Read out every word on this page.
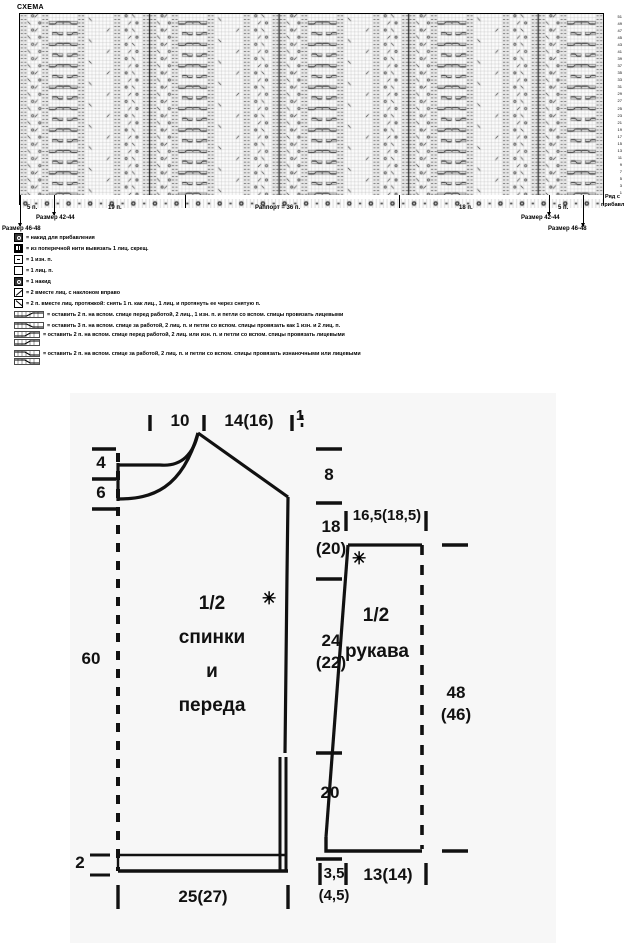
СХЕМА
51
49
47
45
43
41
39
37
35
33
31
29
27
25
23
21
19
17
15
13
11
9
7
5
3
1
5 п.	19 п.	Раппорт = 36 п.	18 п.	5 п.
Размер 42-44
Размер 46-48
Размер 42-44
Размер 46-48
Ряд с
прибавл
= накид для прибавления
= из поперечной нити вывязать 1 лиц. скрещ.
= 1 изн. п.
= 1 лиц. п.
= 1 накид
= 2 вместе лиц. с наклоном вправо
= 2 п. вместе лиц. протяжкой: снять 1 п. как лиц., 1 лиц. и протянуть ее через снятую п.
= оставить 2 п. на вспом. спице перед работой, 2 лиц., 1 изн. п. и петли со вспом. спицы провязать лицевыми
= оставить 3 п. на вспом. спице за работой, 2 лиц. п. и петли со вспом. спицы провязать как 1 изн. и 2 лиц. п.
= оставить 2 п. на вспом. спице перед работой, 2 лиц. или изн. п. и петли со вспом. спицы провязать лицевыми
= оставить 2 п. на вспом. спице за работой, 2 лиц. п. и петли со вспом. спицы провязать изнаночными или лицевыми
10	14(16)	1
4
6
8
18
(20)
24
(22)
20
60
2
25(27)
1/2
спинки
и
переда
✳
16,5(18,5)
1/2
рукава
48
(46)
3,5
(4,5)
13(14)
✳
